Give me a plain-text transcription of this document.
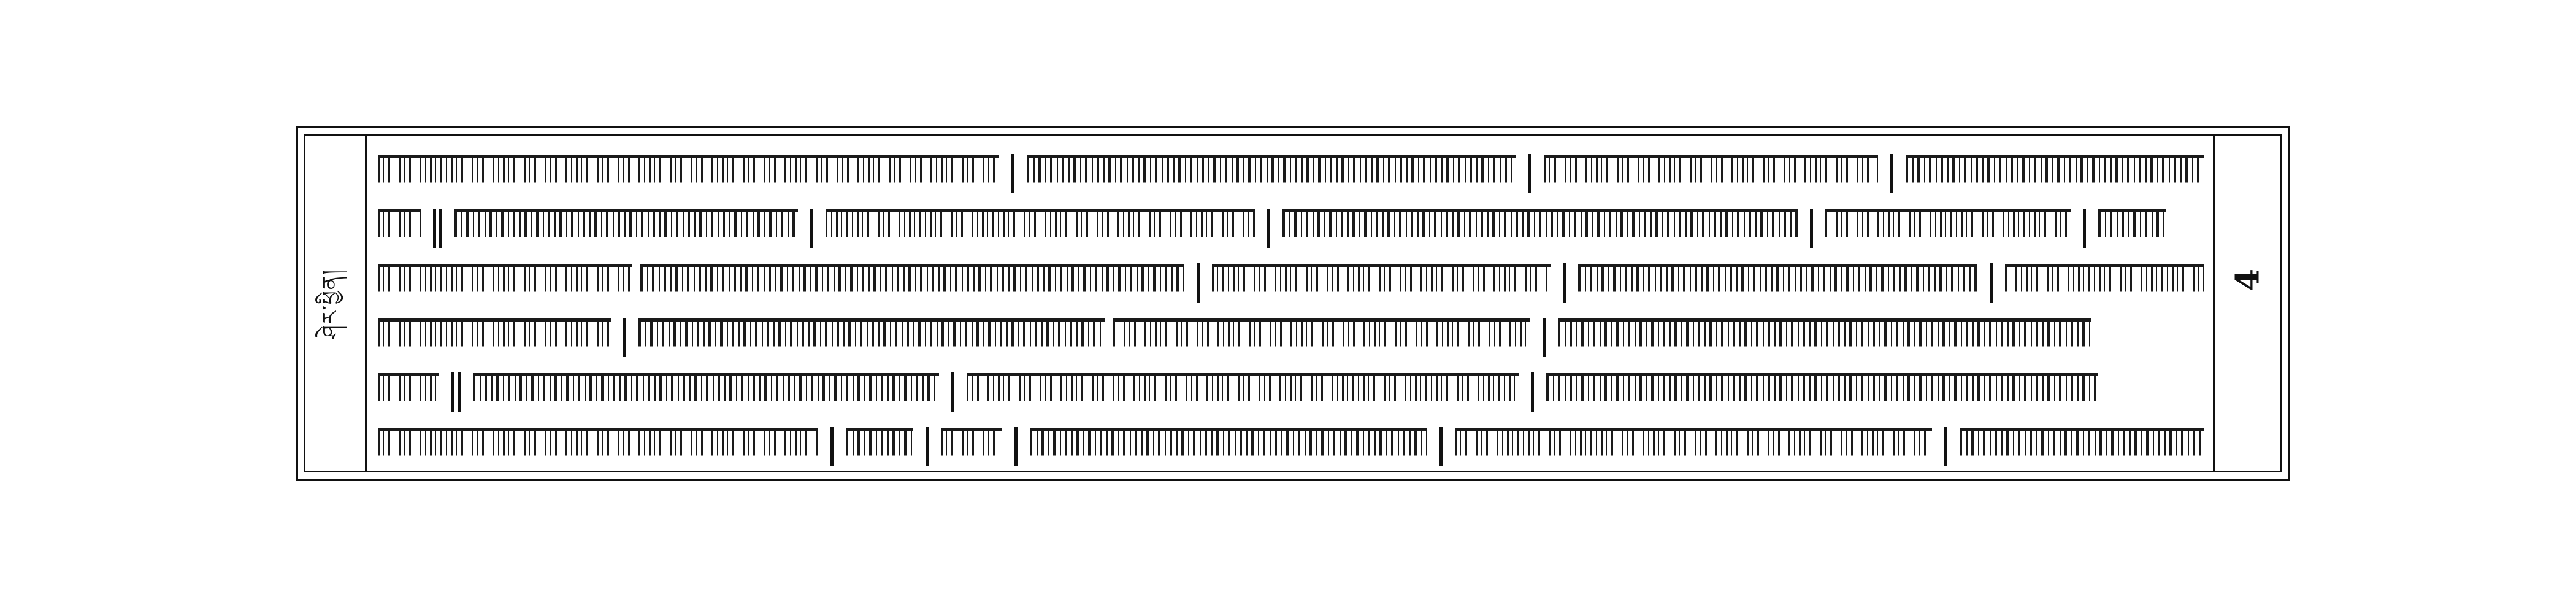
ཤེར་ཕྱིན།	4
